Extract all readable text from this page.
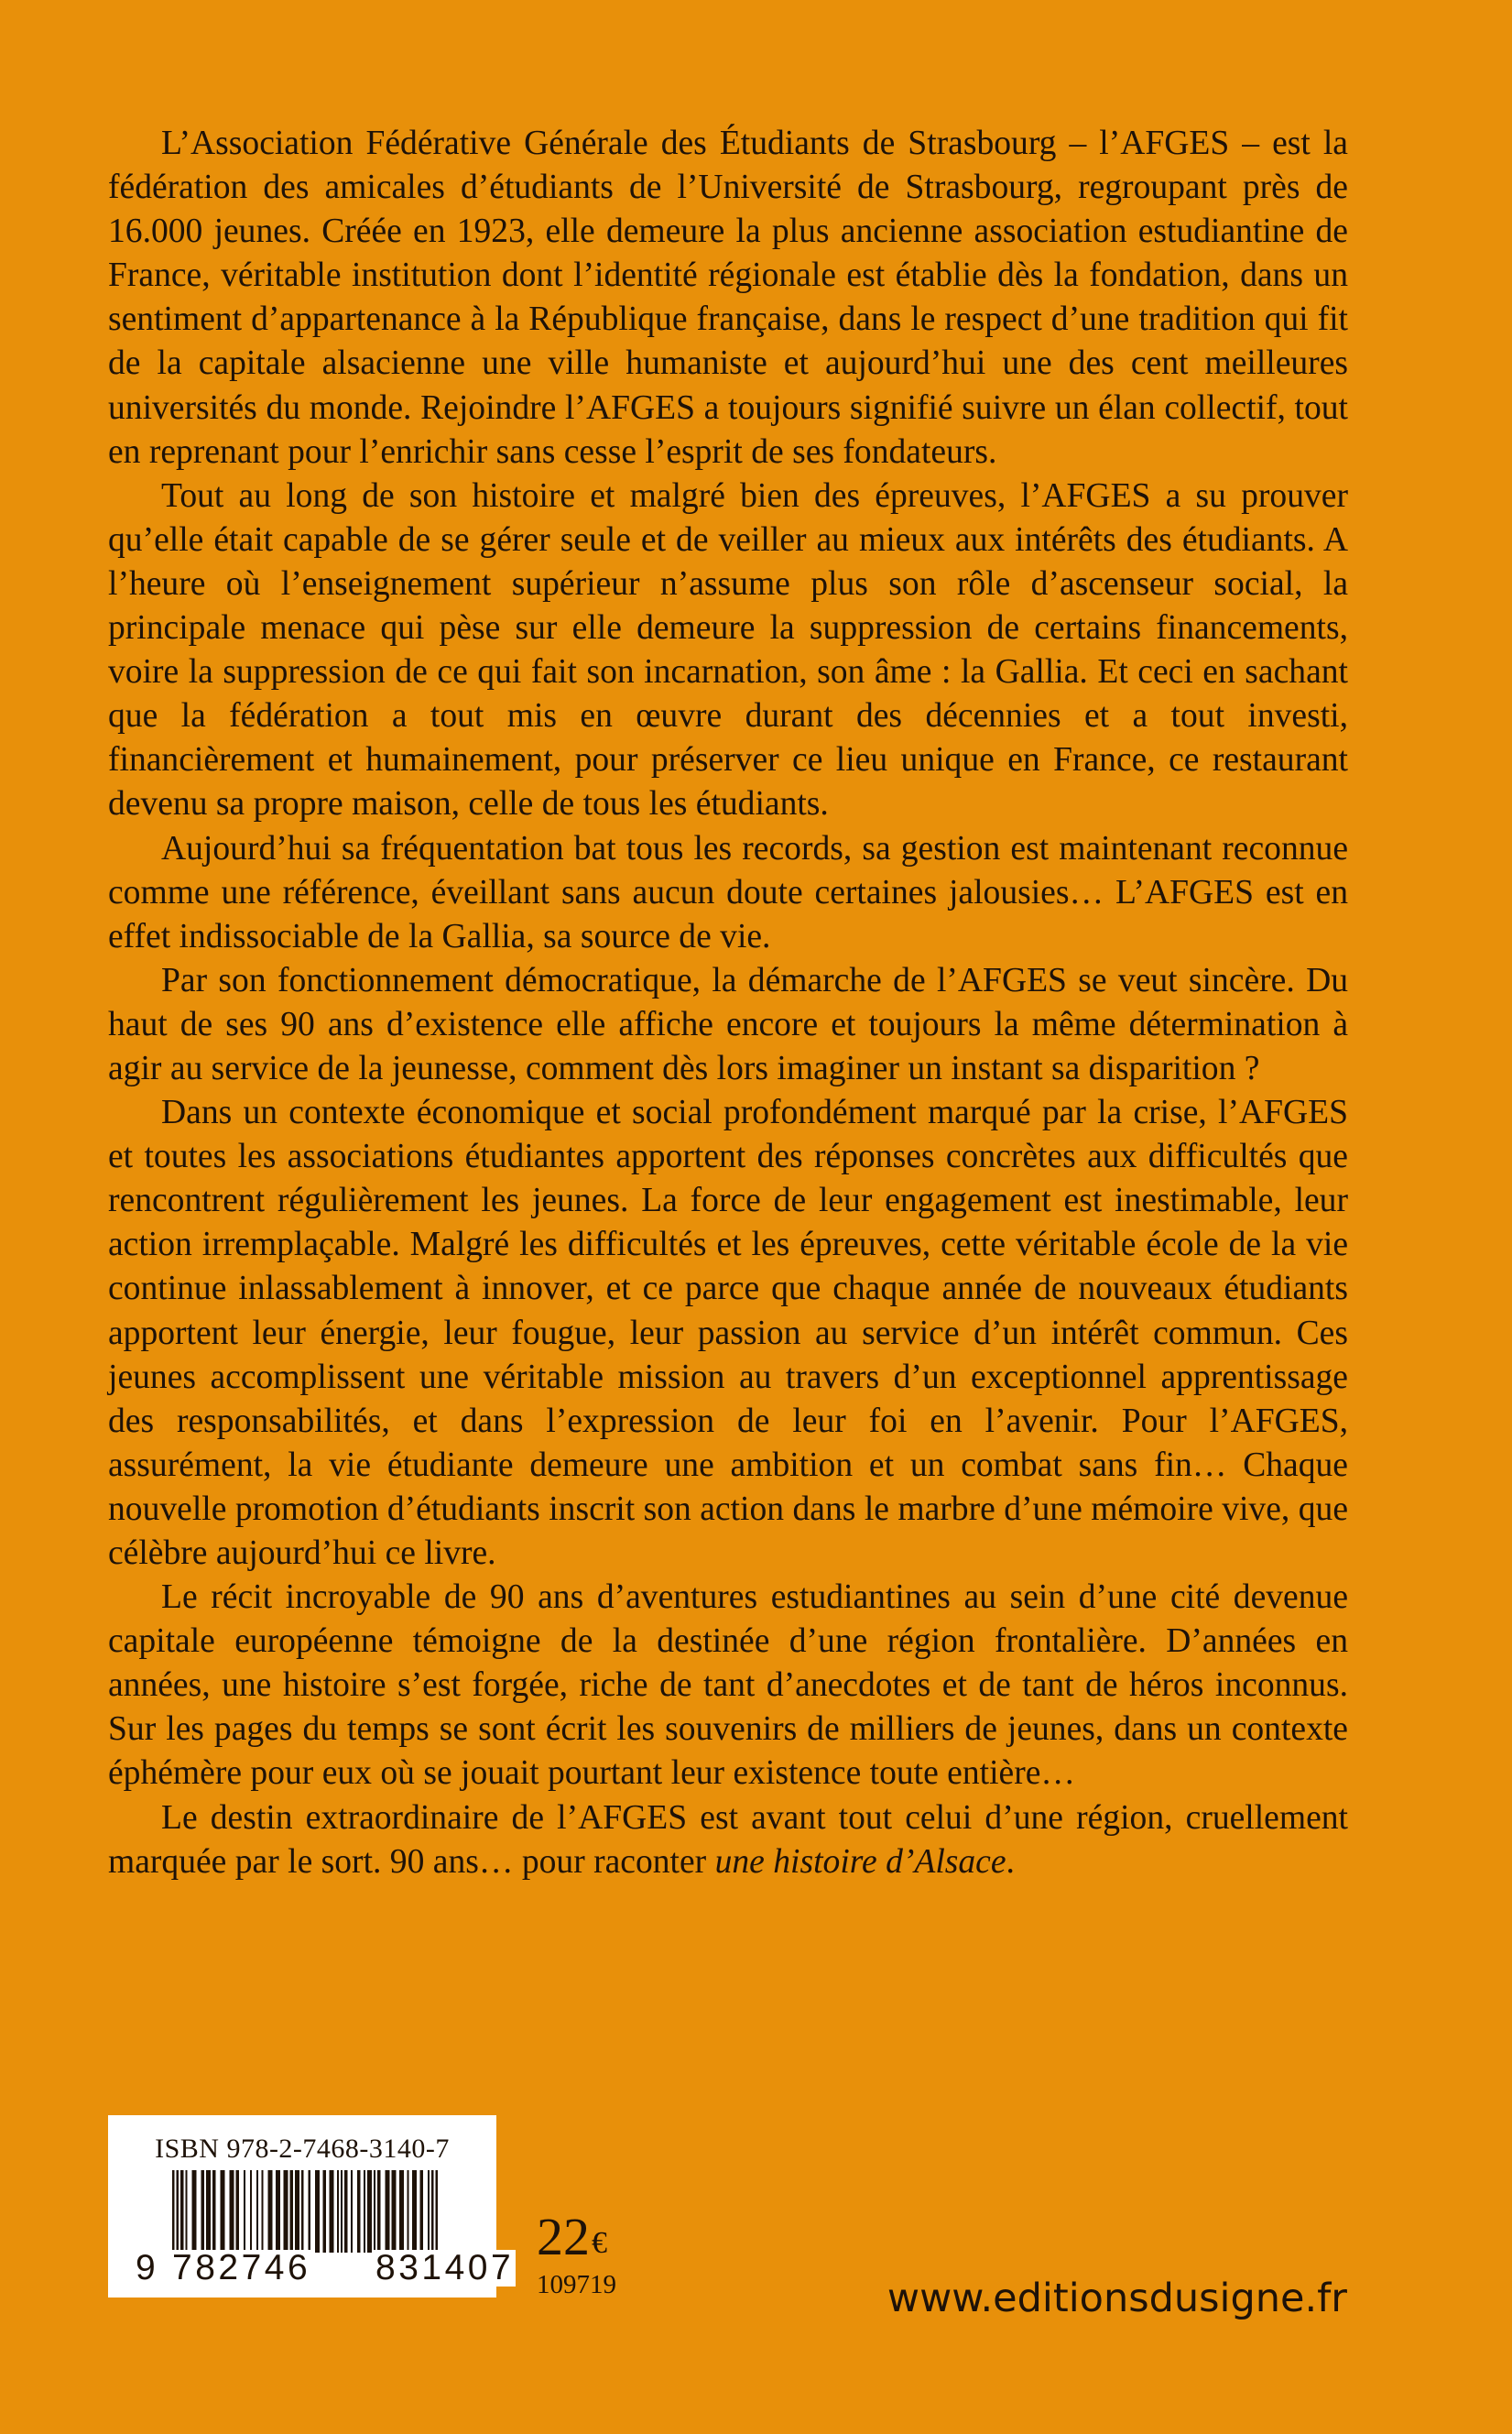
L’Association Fédérative Générale des Étudiants de Strasbourg – l’AFGES – est la fédération des amicales d’étudiants de l’Université de Strasbourg, regroupant près de 16.000 jeunes. Créée en 1923, elle demeure la plus ancienne association estudiantine de France, véritable institution dont l’identité régionale est établie dès la fondation, dans un sentiment d’appartenance à la République française, dans le respect d’une tradition qui fit de la capitale alsacienne une ville humaniste et aujourd’hui une des cent meilleures universités du monde. Rejoindre l’AFGES a toujours signifié suivre un élan collectif, tout en reprenant pour l’enrichir sans cesse l’esprit de ses fondateurs.

Tout au long de son histoire et malgré bien des épreuves, l’AFGES a su prouver qu’elle était capable de se gérer seule et de veiller au mieux aux intérêts des étudiants. A l’heure où l’enseignement supérieur n’assume plus son rôle d’ascenseur social, la principale menace qui pèse sur elle demeure la suppression de certains financements, voire la suppression de ce qui fait son incarnation, son âme : la Gallia. Et ceci en sachant que la fédération a tout mis en œuvre durant des décennies et a tout investi, financièrement et humainement, pour préserver ce lieu unique en France, ce restaurant devenu sa propre maison, celle de tous les étudiants.

Aujourd’hui sa fréquentation bat tous les records, sa gestion est maintenant reconnue comme une référence, éveillant sans aucun doute certaines jalousies… L’AFGES est en effet indissociable de la Gallia, sa source de vie.

Par son fonctionnement démocratique, la démarche de l’AFGES se veut sincère. Du haut de ses 90 ans d’existence elle affiche encore et toujours la même détermination à agir au service de la jeunesse, comment dès lors imaginer un instant sa disparition ?

Dans un contexte économique et social profondément marqué par la crise, l’AFGES et toutes les associations étudiantes apportent des réponses concrètes aux difficultés que rencontrent régulièrement les jeunes. La force de leur engagement est inestimable, leur action irremplaçable. Malgré les difficultés et les épreuves, cette véritable école de la vie continue inlassablement à innover, et ce parce que chaque année de nouveaux étudiants apportent leur énergie, leur fougue, leur passion au service d’un intérêt commun. Ces jeunes accomplissent une véritable mission au travers d’un exceptionnel apprentissage des responsabilités, et dans l’expression de leur foi en l’avenir. Pour l’AFGES, assurément, la vie étudiante demeure une ambition et un combat sans fin… Chaque nouvelle promotion d’étudiants inscrit son action dans le marbre d’une mémoire vive, que célèbre aujourd’hui ce livre.

Le récit incroyable de 90 ans d’aventures estudiantines au sein d’une cité devenue capitale européenne témoigne de la destinée d’une région frontalière. D’années en années, une histoire s’est forgée, riche de tant d’anecdotes et de tant de héros inconnus. Sur les pages du temps se sont écrit les souvenirs de milliers de jeunes, dans un contexte éphémère pour eux où se jouait pourtant leur existence toute entière…

Le destin extraordinaire de l’AFGES est avant tout celui d’une région, cruellement marquée par le sort. 90 ans… pour raconter une histoire d’Alsace.

ISBN 978-2-7468-3140-7
9 782746 831407
22€
109719	www.editionsdusigne.fr
